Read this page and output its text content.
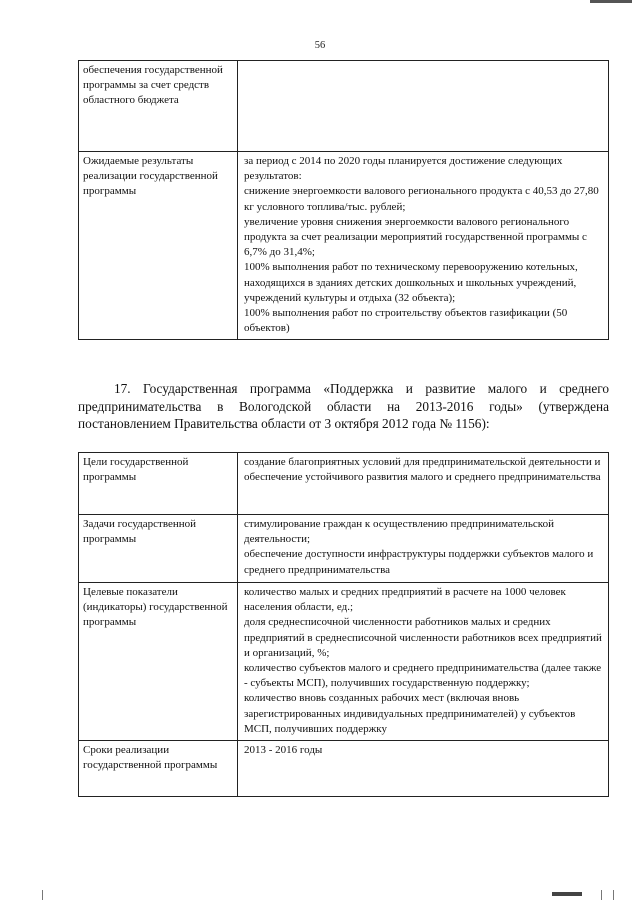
56
обеспечения государственной программы за счет средств областного бюджета	
Ожидаемые результаты реализации государственной программы	за период с 2014 по 2020 годы планируется достижение следующих результатов:

снижение энергоемкости валового регионального продукта с 40,53 до 27,80 кг условного топлива/тыс. рублей;

увеличение уровня снижения энергоемкости валового регионального продукта за счет реализации мероприятий государственной программы с 6,7% до 31,4%;

100% выполнения работ по техническому перевооружению котельных, находящихся в зданиях детских дошкольных и школьных учреждений, учреждений культуры и отдыха (32 объекта);

100% выполнения работ по строительству объектов газификации (50 объектов)

17. Государственная программа «Поддержка и развитие малого и среднего предпринимательства в Вологодской области на 2013-2016 годы» (утверждена постановлением Правительства области от 3 октября 2012 года № 1156):

Цели государственной программы	создание благоприятных условий для предпринимательской деятельности и обеспечение устойчивого развития малого и среднего предпринимательства

Задачи государственной программы	стимулирование граждан к осуществлению предпринимательской деятельности;

обеспечение доступности инфраструктуры поддержки субъектов малого и среднего предпринимательства

Целевые показатели (индикаторы) государственной программы	количество малых и средних предприятий в расчете на 1000 человек населения области, ед.;

доля среднесписочной численности работников малых и средних предприятий в среднесписочной численности работников всех предприятий и организаций, %;

количество субъектов малого и среднего предпринимательства (далее также - субъекты МСП), получивших государственную поддержку;

количество вновь созданных рабочих мест (включая вновь зарегистрированных индивидуальных предпринимателей) у субъектов МСП, получивших поддержку

Сроки реализации государственной программы	2013 - 2016 годы
